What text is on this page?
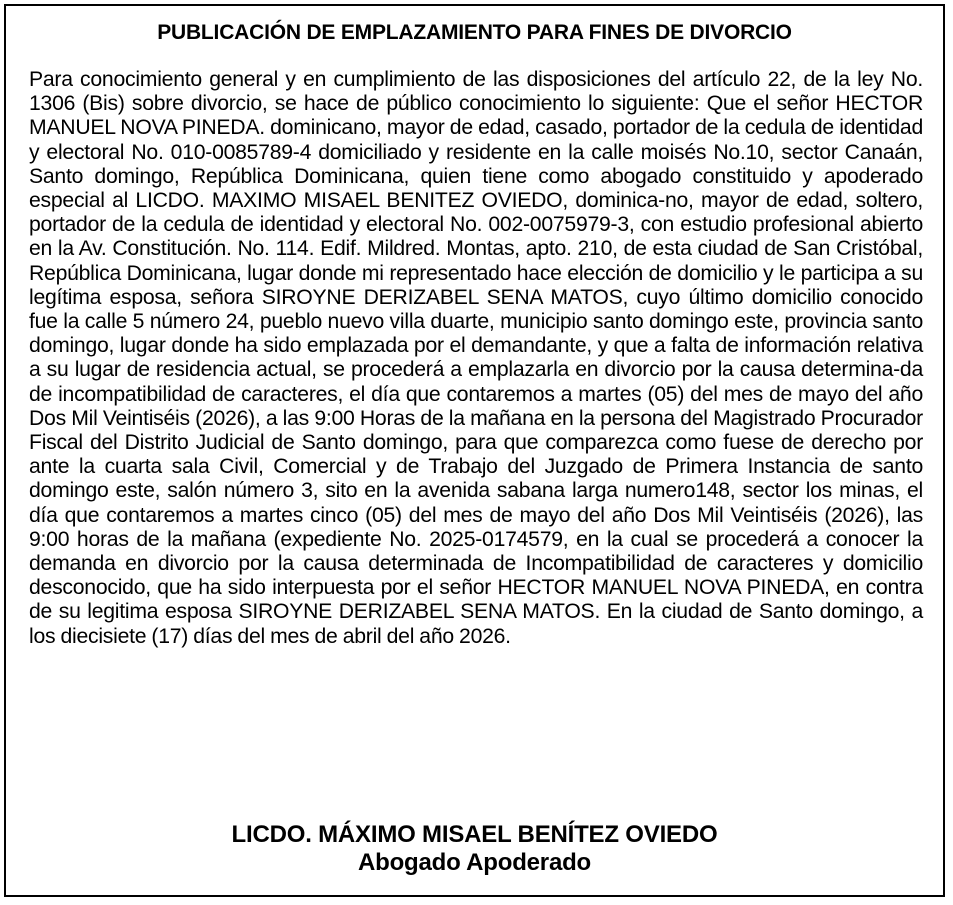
PUBLICACIÓN DE EMPLAZAMIENTO PARA FINES DE DIVORCIO

Para conocimiento general y en cumplimiento de las disposiciones del artículo 22, de la ley No. 1306 (Bis) sobre divorcio, se hace de público conocimiento lo siguiente: Que el señor HECTOR MANUEL NOVA PINEDA. dominicano, mayor de edad, casado, portador de la cedula de identidad y electoral No. 010-0085789-4 domiciliado y residente en la calle moisés No.10, sector Canaán, Santo domingo, República Dominicana, quien tiene como abogado constituido y apoderado especial al LICDO. MAXIMO MISAEL BENITEZ OVIEDO, dominica-no, mayor de edad, soltero, portador de la cedula de identidad y electoral No. 002-0075979-3, con estudio profesional abierto en la Av. Constitución. No. 114. Edif. Mildred. Montas, apto. 210, de esta ciudad de San Cristóbal, República Dominicana, lugar donde mi representado hace elección de domicilio y le participa a su legítima esposa, señora SIROYNE DERIZABEL SENA MATOS, cuyo último domicilio conocido fue la calle 5 número 24, pueblo nuevo villa duarte, municipio santo domingo este, provincia santo domingo, lugar donde ha sido emplazada por el demandante, y que a falta de información relativa a su lugar de residencia actual, se procederá a emplazarla en divorcio por la causa determina-da de incompatibilidad de caracteres, el día que contaremos a martes (05) del mes de mayo del año Dos Mil Veintiséis (2026), a las 9:00 Horas de la mañana en la persona del Magistrado Procurador Fiscal del Distrito Judicial de Santo domingo, para que comparezca como fuese de derecho por ante la cuarta sala Civil, Comercial y de Trabajo del Juzgado de Primera Instancia de santo domingo este, salón número 3, sito en la avenida sabana larga numero148, sector los minas, el día que contaremos a martes cinco (05) del mes de mayo del año Dos Mil Veintiséis (2026), las 9:00 horas de la mañana (expediente No. 2025-0174579, en la cual se procederá a conocer la demanda en divorcio por la causa determinada de Incompatibilidad de caracteres y domicilio desconocido, que ha sido interpuesta por el señor HECTOR MANUEL NOVA PINEDA, en contra de su legitima esposa SIROYNE DERIZABEL SENA MATOS. En la ciudad de Santo domingo, a los diecisiete (17) días del mes de abril del año 2026.

LICDO. MÁXIMO MISAEL BENÍTEZ OVIEDO
Abogado Apoderado
